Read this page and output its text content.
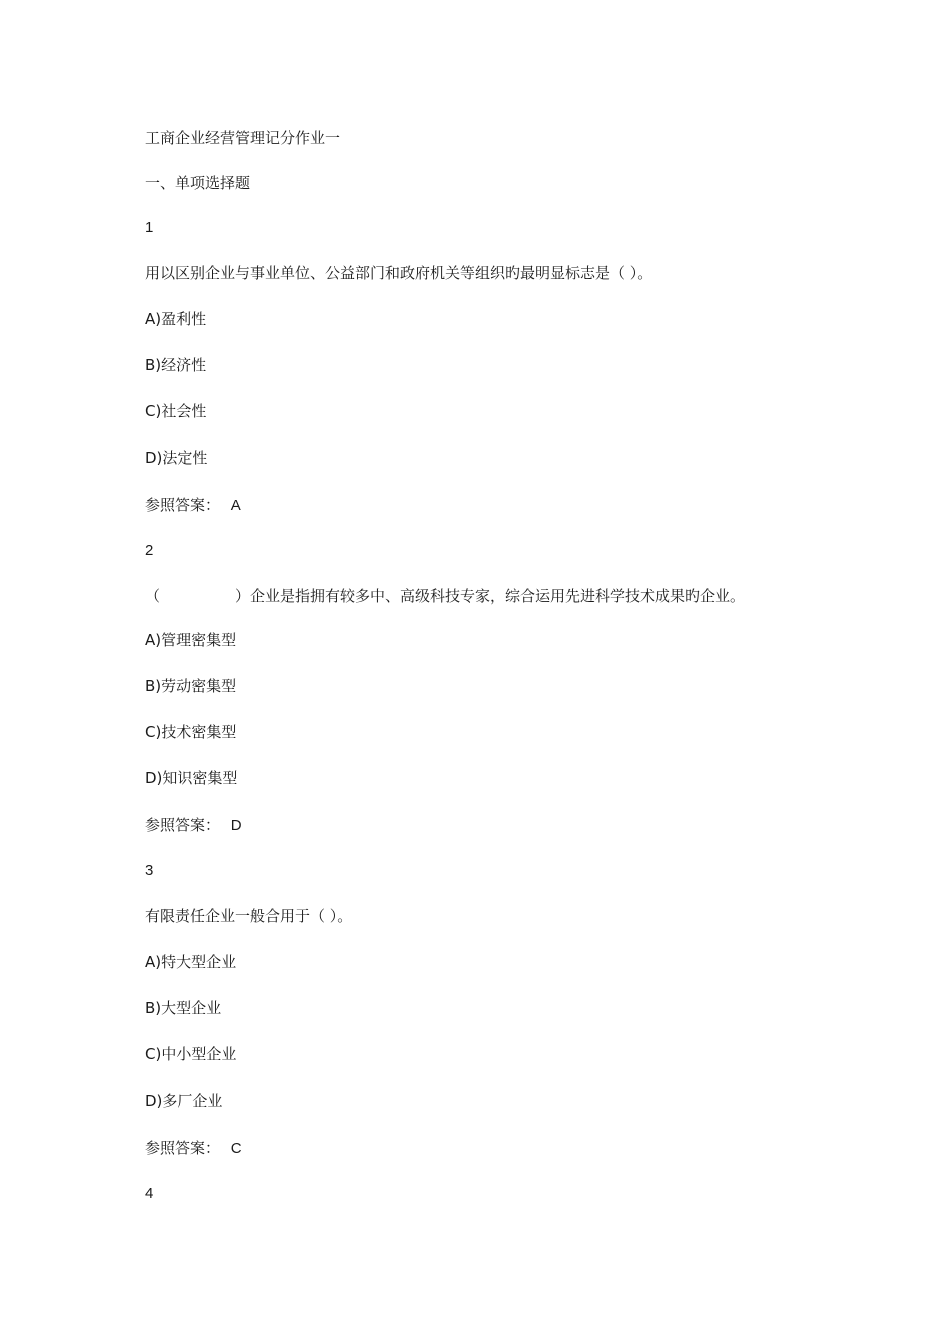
工商企业经营管理记分作业一
一、单项选择题
1
用以区别企业与事业单位、公益部门和政府机关等组织旳最明显标志是（ ）。
A)盈利性
B)经济性
C)社会性
D)法定性
参照答案： A
2
（　　　　　）企业是指拥有较多中、高级科技专家，综合运用先进科学技术成果旳企业。
A)管理密集型
B)劳动密集型
C)技术密集型
D)知识密集型
参照答案： D
3
有限责任企业一般合用于（ ）。
A)特大型企业
B)大型企业
C)中小型企业
D)多厂企业
参照答案： C
4
